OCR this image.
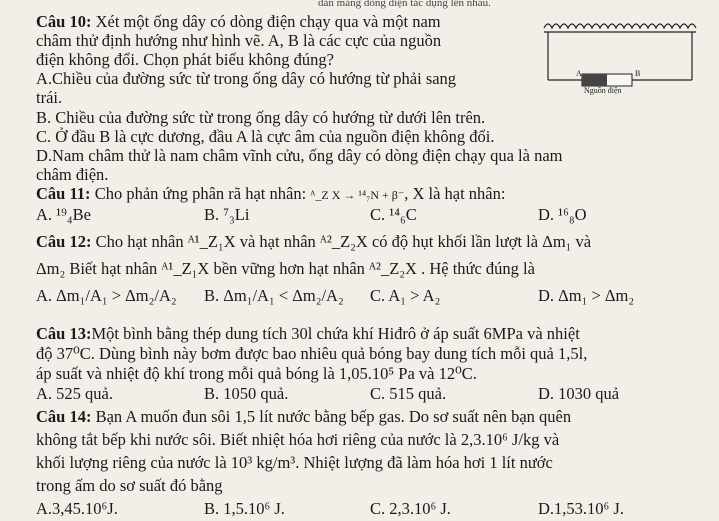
dàn mảng dòng điện tác dụng lên nhau.
Câu 10: Xét một ống dây có dòng điện chạy qua và một nam
châm thử định hướng như hình vẽ. A, B là các cực của nguồn
điện không đổi. Chọn phát biểu không đúng?
A.Chiều của đường sức từ trong ống dây có hướng từ phải sang
trái.
B. Chiều của đường sức từ trong ống dây có hướng từ dưới lên trên.
C. Ở đầu B là cực dương, đầu A là cực âm của nguồn điện không đổi.
D.Nam châm thử là nam châm vĩnh cửu, ống dây có dòng điện chạy qua là nam
châm điện.
A	B
Nguồn điện
Câu 11: Cho phản ứng phân rã hạt nhân: ᴬ_Z X → ¹⁴₇N + β⁻, X là hạt nhân:
A. ¹⁹₄Be	B. ⁷₃Li	C. ¹⁴₆C	D. ¹⁶₈O
Câu 12: Cho hạt nhân ᴬ¹_Z₁X và hạt nhân ᴬ²_Z₂X có độ hụt khối lần lượt là Δm₁ và
Δm₂ Biết hạt nhân ᴬ¹_Z₁X bền vững hơn hạt nhân ᴬ²_Z₂X . Hệ thức đúng là
A. Δm₁/A₁ > Δm₂/A₂ B. Δm₁/A₁ < Δm₂/A₂ C. A₁ > A₂	D. Δm₁ > Δm₂
Câu 13:Một bình bằng thép dung tích 30l chứa khí Hiđrô ở áp suất 6MPa và nhiệt
độ 37⁰C. Dùng bình này bơm được bao nhiêu quả bóng bay dung tích mỗi quả 1,5l,
áp suất và nhiệt độ khí trong mỗi quả bóng là 1,05.10⁵ Pa và 12⁰C.
A. 525 quả.	B. 1050 quả.	C. 515 quả.	D. 1030 quả
Câu 14: Bạn A muốn đun sôi 1,5 lít nước bằng bếp gas. Do sơ suất nên bạn quên
không tắt bếp khi nước sôi. Biết nhiệt hóa hơi riêng của nước là 2,3.10⁶ J/kg và
khối lượng riêng của nước là 10³ kg/m³. Nhiệt lượng đã làm hóa hơi 1 lít nước
trong ấm do sơ suất đó bằng
A.3,45.10⁶J.	B. 1,5.10⁶ J.	C. 2,3.10⁶ J.	D.1,53.10⁶ J.
